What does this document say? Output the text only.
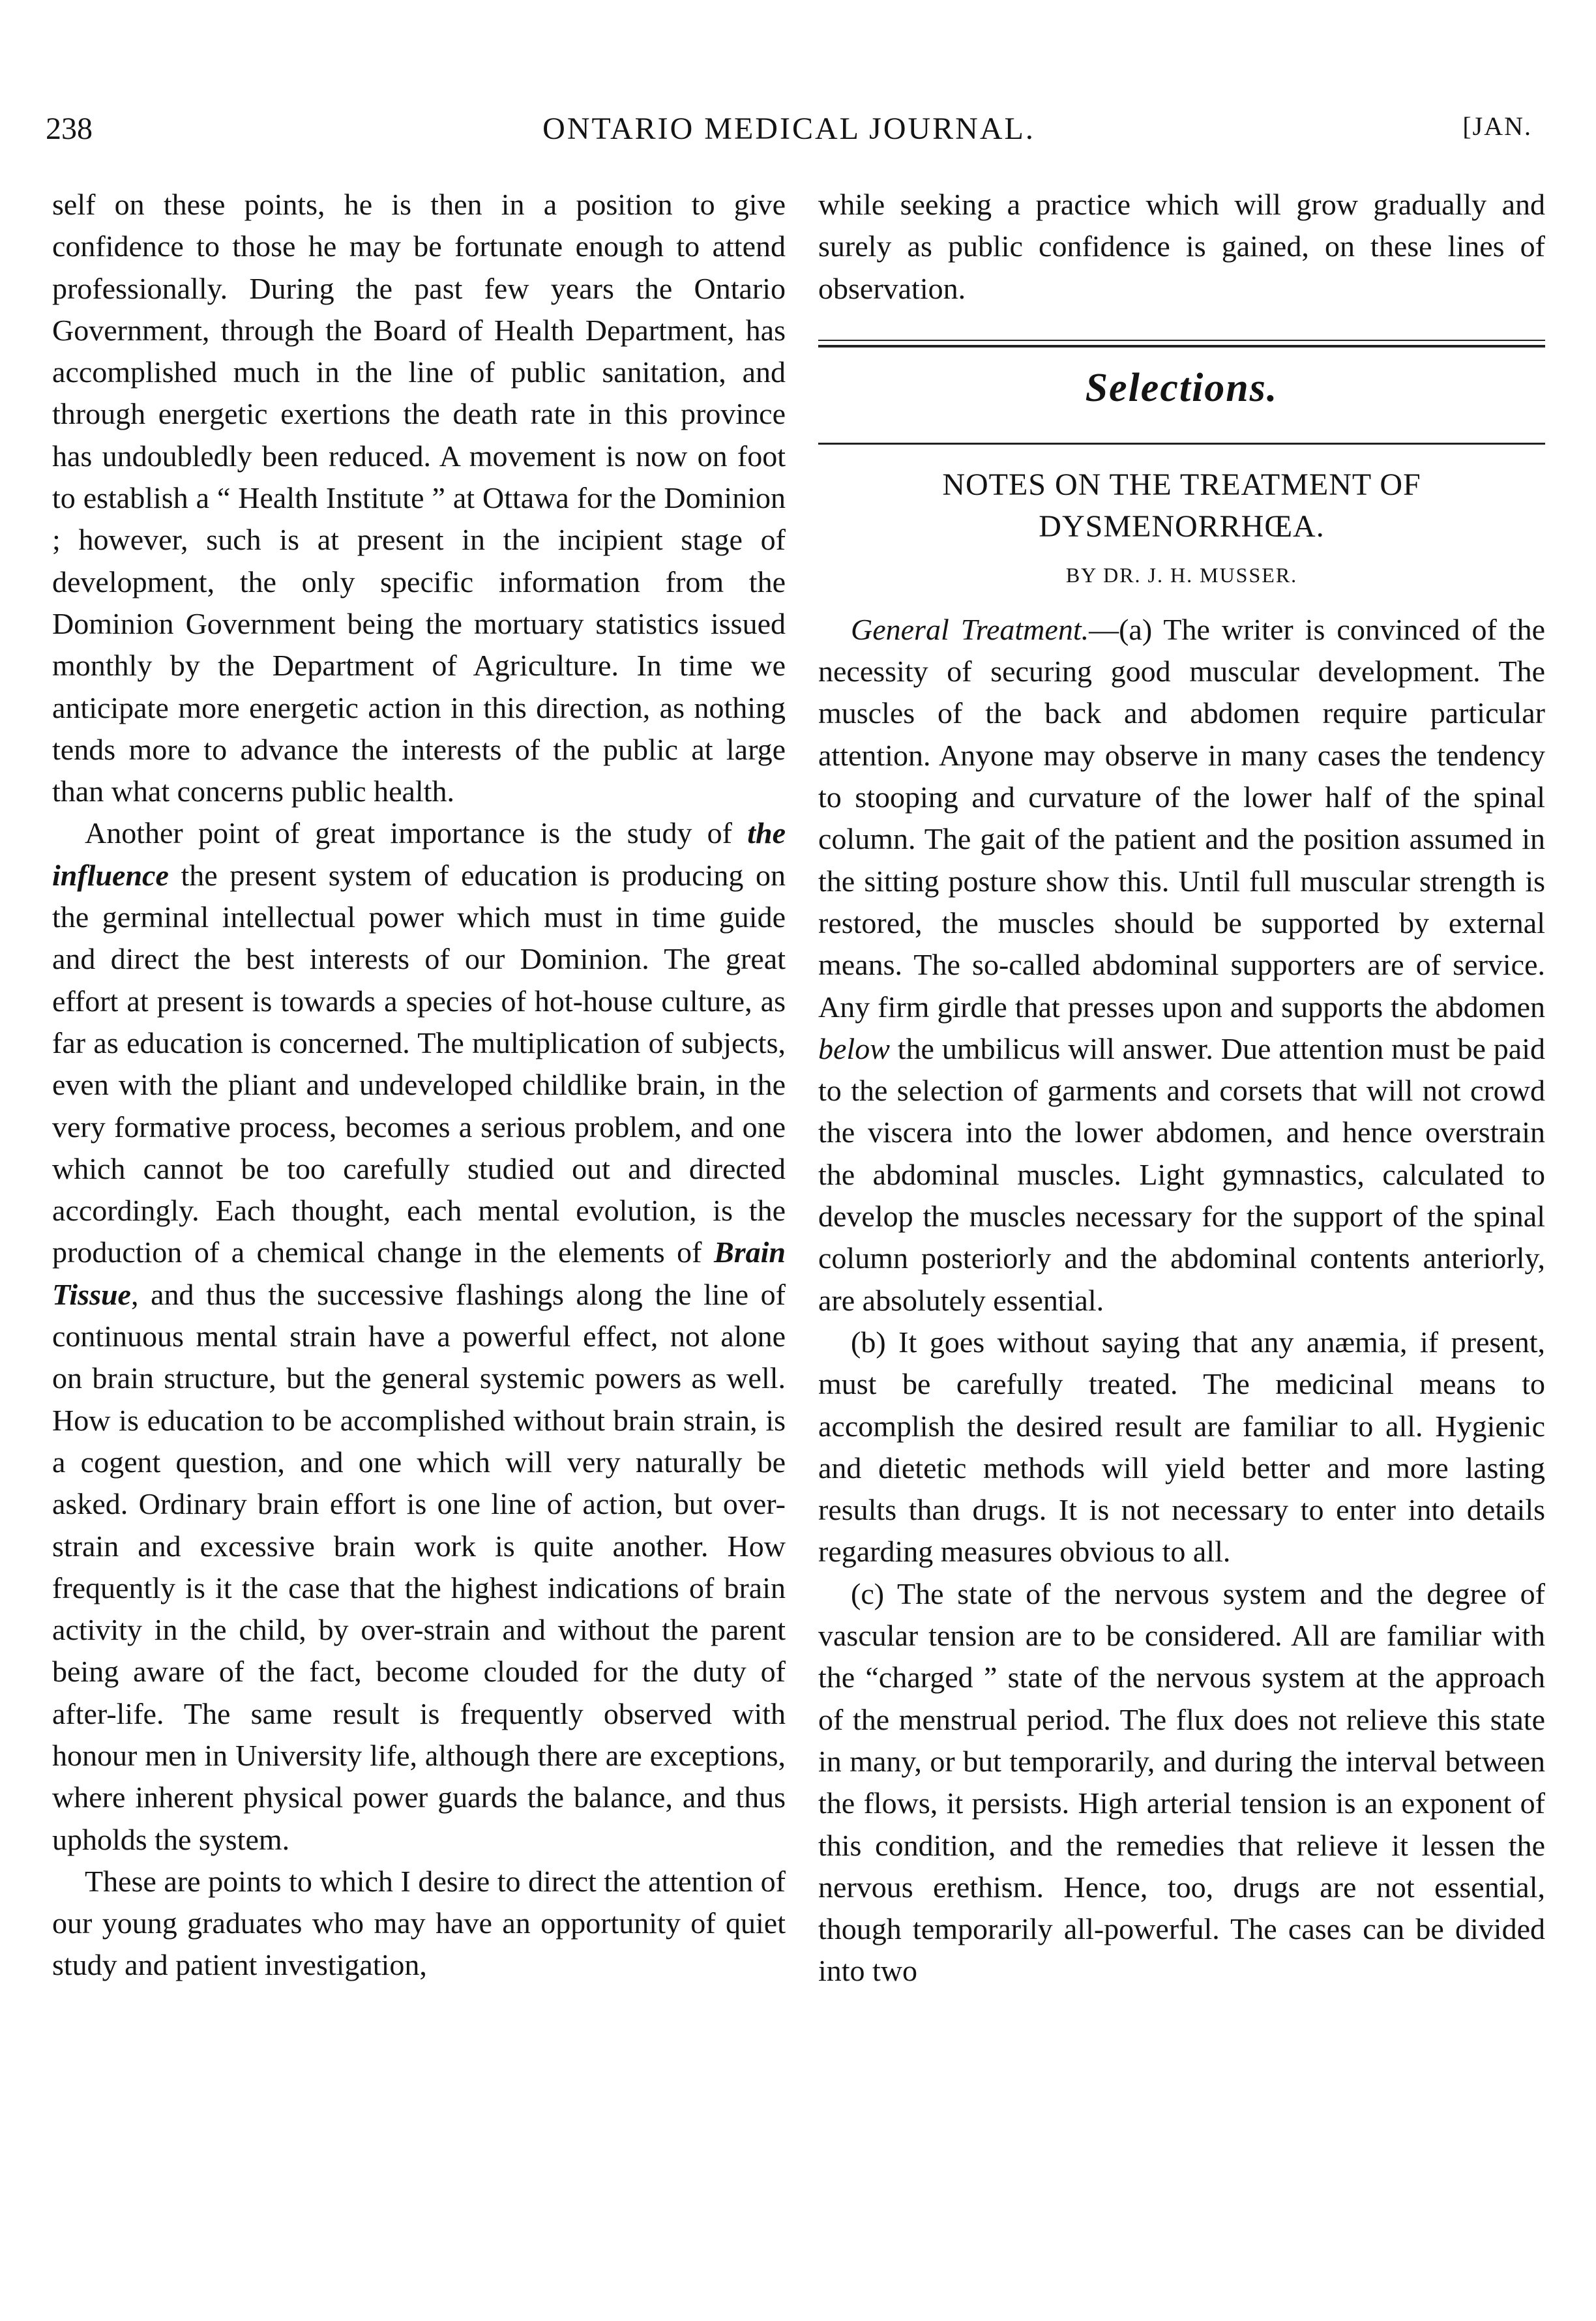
238	ONTARIO MEDICAL JOURNAL.	[JAN.

self on these points, he is then in a position to give confidence to those he may be fortunate enough to attend professionally. During the past few years the Ontario Government, through the Board of Health Department, has accomplished much in the line of public sanitation, and through energetic exertions the death rate in this province has undoubledly been reduced. A movement is now on foot to establish a “ Health Institute ” at Ottawa for the Dominion ; however, such is at present in the incipient stage of development, the only specific information from the Dominion Government being the mortuary statistics issued monthly by the Department of Agriculture. In time we anticipate more energetic action in this direction, as nothing tends more to advance the interests of the public at large than what concerns public health.

Another point of great importance is the study of the influence the present system of education is producing on the germinal intellectual power which must in time guide and direct the best interests of our Dominion. The great effort at present is towards a species of hot-house culture, as far as education is concerned. The multiplication of subjects, even with the pliant and undeveloped childlike brain, in the very formative process, becomes a serious problem, and one which cannot be too carefully studied out and directed accordingly. Each thought, each mental evolution, is the production of a chemical change in the elements of Brain Tissue, and thus the successive flashings along the line of continuous mental strain have a powerful effect, not alone on brain structure, but the general systemic powers as well. How is education to be accomplished without brain strain, is a cogent question, and one which will very naturally be asked. Ordinary brain effort is one line of action, but over-strain and excessive brain work is quite another. How frequently is it the case that the highest indications of brain activity in the child, by over-strain and without the parent being aware of the fact, become clouded for the duty of after-life. The same result is frequently observed with honour men in University life, although there are exceptions, where inherent physical power guards the balance, and thus upholds the system.

These are points to which I desire to direct the attention of our young graduates who may have an opportunity of quiet study and patient investigation,

while seeking a practice which will grow gradually and surely as public confidence is gained, on these lines of observation.

Selections.
NOTES ON THE TREATMENT OF
DYSMENORRHŒA.
BY DR. J. H. MUSSER.

General Treatment.—(a) The writer is convinced of the necessity of securing good muscular development. The muscles of the back and abdomen require particular attention. Anyone may observe in many cases the tendency to stooping and curvature of the lower half of the spinal column. The gait of the patient and the position assumed in the sitting posture show this. Until full muscular strength is restored, the muscles should be supported by external means. The so-called abdominal supporters are of service. Any firm girdle that presses upon and supports the abdomen below the umbilicus will answer. Due attention must be paid to the selection of garments and corsets that will not crowd the viscera into the lower abdomen, and hence overstrain the abdominal muscles. Light gymnastics, calculated to develop the muscles necessary for the support of the spinal column posteriorly and the abdominal contents anteriorly, are absolutely essential.

(b) It goes without saying that any anæmia, if present, must be carefully treated. The medicinal means to accomplish the desired result are familiar to all. Hygienic and dietetic methods will yield better and more lasting results than drugs. It is not necessary to enter into details regarding measures obvious to all.

(c) The state of the nervous system and the degree of vascular tension are to be considered. All are familiar with the “charged ” state of the nervous system at the approach of the menstrual period. The flux does not relieve this state in many, or but temporarily, and during the interval between the flows, it persists. High arterial tension is an exponent of this condition, and the remedies that relieve it lessen the nervous erethism. Hence, too, drugs are not essential, though temporarily all-powerful. The cases can be divided into two
